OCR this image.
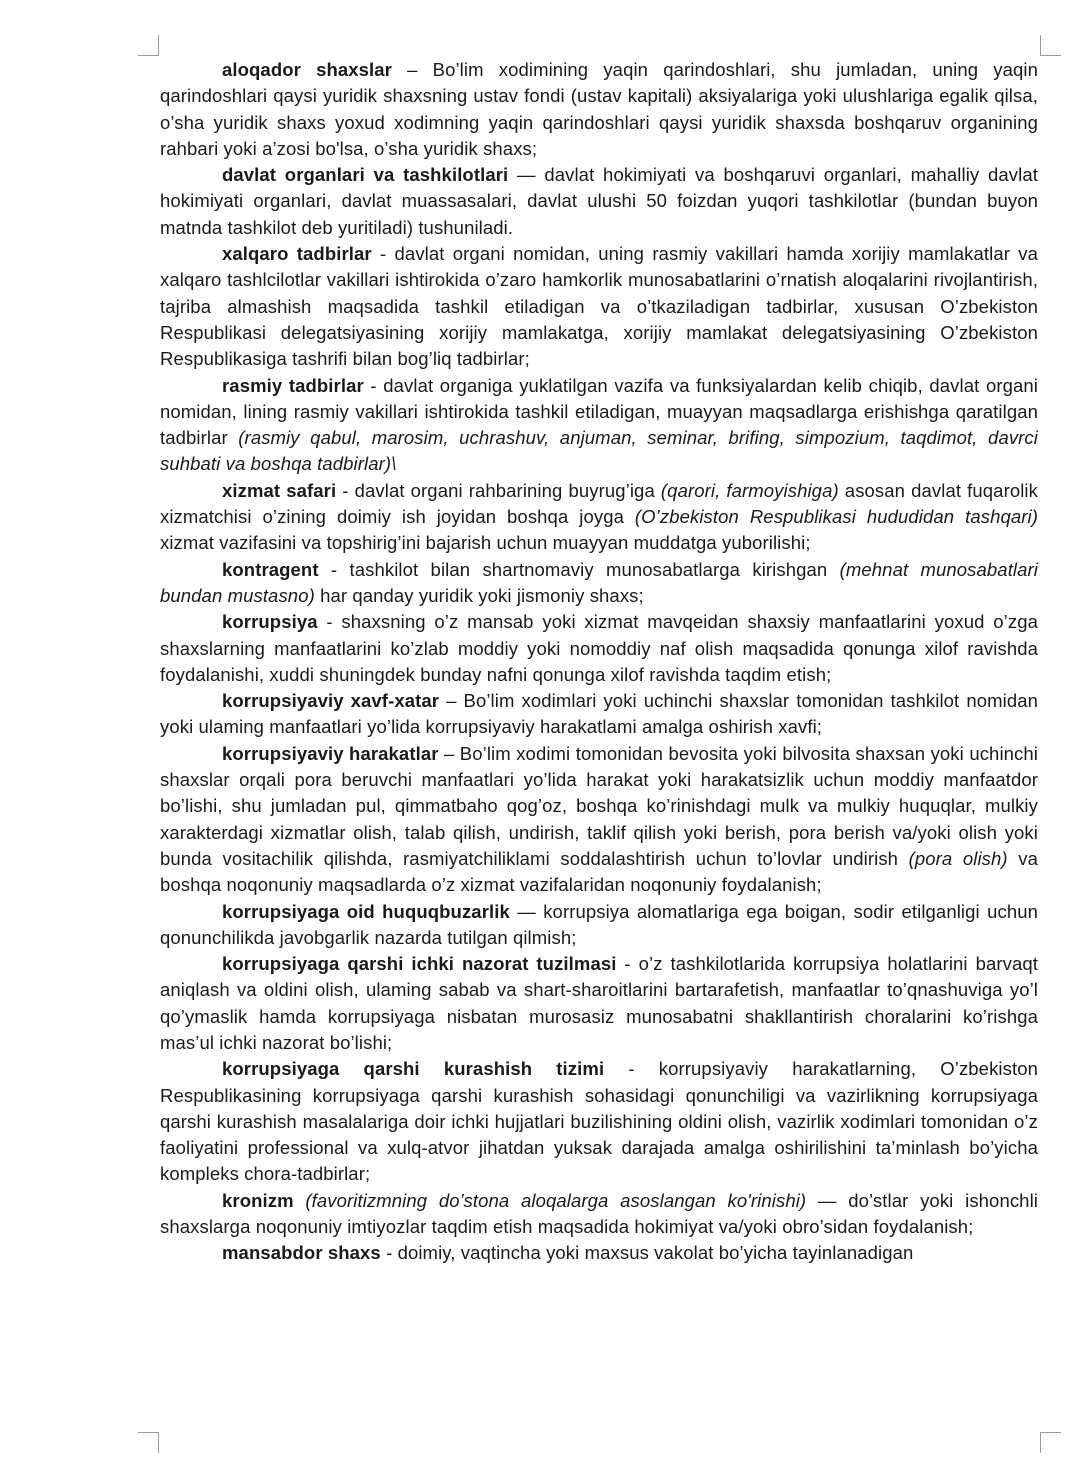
aloqador shaxslar – Bo’lim xodimining yaqin qarindoshlari, shu jumladan, uning yaqin qarindoshlari qaysi yuridik shaxsning ustav fondi (ustav kapitali) aksiyalariga yoki ulushlariga egalik qilsa, o’sha yuridik shaxs yoxud xodimning yaqin qarindoshlari qaysi yuridik shaxsda boshqaruv organining rahbari yoki a’zosi bo'lsa, o’sha yuridik shaxs;

davlat organlari va tashkilotlari — davlat hokimiyati va boshqaruvi organlari, mahalliy davlat hokimiyati organlari, davlat muassasalari, davlat ulushi 50 foizdan yuqori tashkilotlar (bundan buyon matnda tashkilot deb yuritiladi) tushuniladi.

xalqaro tadbirlar - davlat organi nomidan, uning rasmiy vakillari hamda xorijiy mamlakatlar va xalqaro tashlcilotlar vakillari ishtirokida o’zaro hamkorlik munosabatlarini o’rnatish aloqalarini rivojlantirish, tajriba almashish maqsadida tashkil etiladigan va o’tkaziladigan tadbirlar, xususan O’zbekiston Respublikasi delegatsiyasining xorijiy mamlakatga, xorijiy mamlakat delegatsiyasining O’zbekiston Respublikasiga tashrifi bilan bog’liq tadbirlar;

rasmiy tadbirlar - davlat organiga yuklatilgan vazifa va funksiyalardan kelib chiqib, davlat organi nomidan, lining rasmiy vakillari ishtirokida tashkil etiladigan, muayyan maqsadlarga erishishga qaratilgan tadbirlar (rasmiy qabul, marosim, uchrashuv, anjuman, seminar, brifing, simpozium, taqdimot, davrci suhbati va boshqa tadbirlar)\

xizmat safari - davlat organi rahbarining buyrug’iga (qarori, farmoyishiga) asosan davlat fuqarolik xizmatchisi o’zining doimiy ish joyidan boshqa joyga (O’zbekiston Respublikasi hududidan tashqari) xizmat vazifasini va topshirig’ini bajarish uchun muayyan muddatga yuborilishi;

kontragent - tashkilot bilan shartnomaviy munosabatlarga kirishgan (mehnat munosabatlari bundan mustasno) har qanday yuridik yoki jismoniy shaxs;

korrupsiya - shaxsning o’z mansab yoki xizmat mavqeidan shaxsiy manfaatlarini yoxud o’zga shaxslarning manfaatlarini ko’zlab moddiy yoki nomoddiy naf olish maqsadida qonunga xilof ravishda foydalanishi, xuddi shuningdek bunday nafni qonunga xilof ravishda taqdim etish;

korrupsiyaviy xavf-xatar – Bo’lim xodimlari yoki uchinchi shaxslar tomonidan tashkilot nomidan yoki ulaming manfaatlari yo’lida korrupsiyaviy harakatlami amalga oshirish xavfi;

korrupsiyaviy harakatlar – Bo’lim xodimi tomonidan bevosita yoki bilvosita shaxsan yoki uchinchi shaxslar orqali pora beruvchi manfaatlari yo’lida harakat yoki harakatsizlik uchun moddiy manfaatdor bo’lishi, shu jumladan pul, qimmatbaho qog’oz, boshqa ko’rinishdagi mulk va mulkiy huquqlar, mulkiy xarakterdagi xizmatlar olish, talab qilish, undirish, taklif qilish yoki berish, pora berish va/yoki olish yoki bunda vositachilik qilishda, rasmiyatchiliklami soddalashtirish uchun to’lovlar undirish (pora olish) va boshqa noqonuniy maqsadlarda o’z xizmat vazifalaridan noqonuniy foydalanish;

korrupsiyaga oid huquqbuzarlik — korrupsiya alomatlariga ega boigan, sodir etilganligi uchun qonunchilikda javobgarlik nazarda tutilgan qilmish;

korrupsiyaga qarshi ichki nazorat tuzilmasi - o’z tashkilotlarida korrupsiya holatlarini barvaqt aniqlash va oldini olish, ulaming sabab va shart-sharoitlarini bartarafetish, manfaatlar to’qnashuviga yo’l qo’ymaslik hamda korrupsiyaga nisbatan murosasiz munosabatni shakllantirish choralarini ko’rishga mas’ul ichki nazorat bo’lishi;

korrupsiyaga qarshi kurashish tizimi - korrupsiyaviy harakatlarning, O’zbekiston Respublikasining korrupsiyaga qarshi kurashish sohasidagi qonunchiligi va vazirlikning korrupsiyaga qarshi kurashish masalalariga doir ichki hujjatlari buzilishining oldini olish, vazirlik xodimlari tomonidan o’z faoliyatini professional va xulq-atvor jihatdan yuksak darajada amalga oshirilishini ta’minlash bo’yicha kompleks chora-tadbirlar;

kronizm (favoritizmning do’stona aloqalarga asoslangan ko'rinishi) — do’stlar yoki ishonchli shaxslarga noqonuniy imtiyozlar taqdim etish maqsadida hokimiyat va/yoki obro’sidan foydalanish;

mansabdor shaxs - doimiy, vaqtincha yoki maxsus vakolat bo’yicha tayinlanadigan
